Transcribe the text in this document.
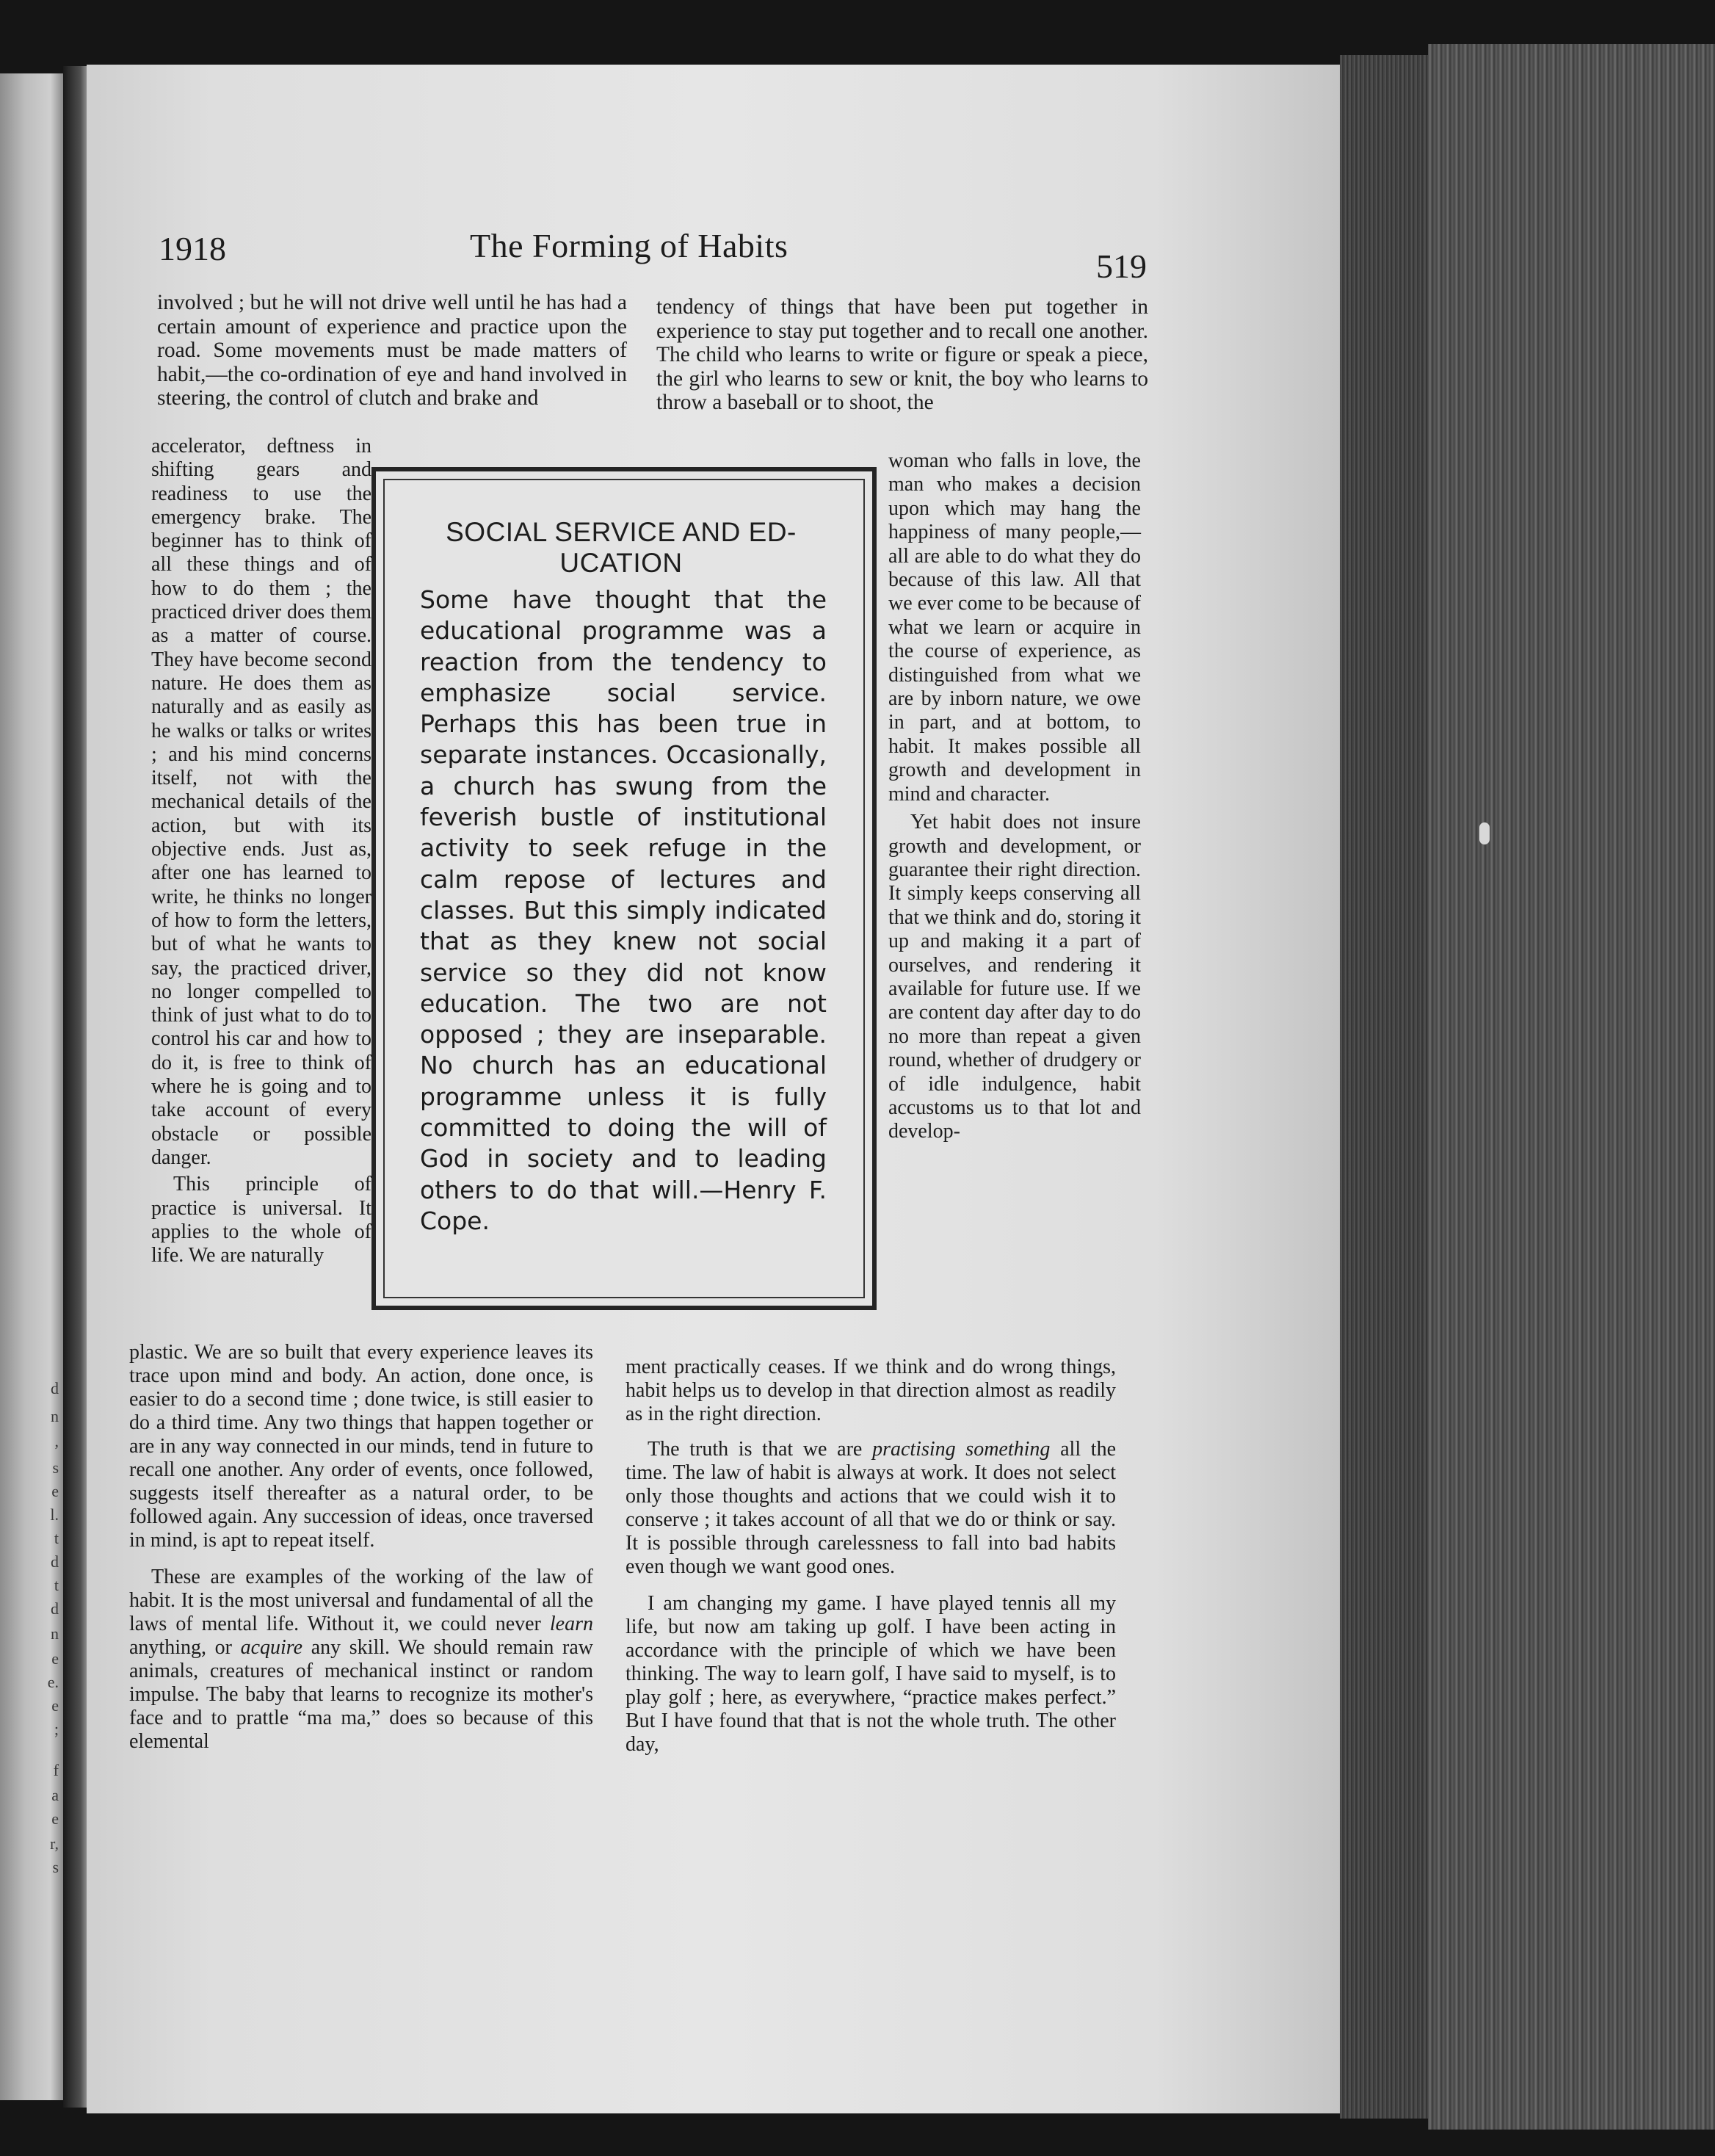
d
n
,
s
e
l.
t
d
t
d
n
e
e.
e
;
f
a
e
r,
s
1918	The Forming of Habits
519

involved ; but he will not drive well until he has had a certain amount of experience and practice upon the road. Some movements must be made matters of habit,—the co-ordination of eye and hand involved in steering, the control of clutch and brake and

accelerator, deftness in shifting gears and readiness to use the emergency brake. The beginner has to think of all these things and of how to do them ; the practiced driver does them as a matter of course. They have become second nature. He does them as naturally and as easily as he walks or talks or writes ; and his mind concerns itself, not with the mechanical details of the action, but with its objective ends. Just as, after one has learned to write, he thinks no longer of how to form the letters, but of what he wants to say, the practiced driver, no longer compelled to think of just what to do to control his car and how to do it, is free to think of where he is going and to take account of every obstacle or possible danger.

This principle of practice is universal. It applies to the whole of life. We are naturally

plastic. We are so built that every experience leaves its trace upon mind and body. An action, done once, is easier to do a second time ; done twice, is still easier to do a third time. Any two things that happen together or are in any way connected in our minds, tend in future to recall one another. Any order of events, once followed, suggests itself thereafter as a natural order, to be followed again. Any succession of ideas, once traversed in mind, is apt to repeat itself.

These are examples of the working of the law of habit. It is the most universal and fundamental of all the laws of mental life. Without it, we could never learn anything, or acquire any skill. We should remain raw animals, creatures of mechanical instinct or random impulse. The baby that learns to recognize its mother's face and to prattle “ma ma,” does so because of this elemental

tendency of things that have been put together in experience to stay put together and to recall one another. The child who learns to write or figure or speak a piece, the girl who learns to sew or knit, the boy who learns to throw a baseball or to shoot, the

woman who falls in love, the man who makes a decision upon which may hang the happiness of many people,—all are able to do what they do because of this law. All that we ever come to be because of what we learn or acquire in the course of experience, as distinguished from what we are by inborn nature, we owe in part, and at bottom, to habit. It makes possible all growth and development in mind and character.

Yet habit does not insure growth and development, or guarantee their right direction. It simply keeps conserving all that we think and do, storing it up and making it a part of ourselves, and rendering it available for future use. If we are content day after day to do no more than repeat a given round, whether of drudgery or of idle indulgence, habit accustoms us to that lot and develop-

ment practically ceases. If we think and do wrong things, habit helps us to develop in that direction almost as readily as in the right direction.

The truth is that we are practising something all the time. The law of habit is always at work. It does not select only those thoughts and actions that we could wish it to conserve ; it takes account of all that we do or think or say. It is possible through carelessness to fall into bad habits even though we want good ones.

I am changing my game. I have played tennis all my life, but now am taking up golf. I have been acting in accordance with the principle of which we have been thinking. The way to learn golf, I have said to myself, is to play golf ; here, as everywhere, “practice makes perfect.” But I have found that that is not the whole truth. The other day,

SOCIAL SERVICE AND ED-UCATION
Some have thought that the educational programme was a reaction from the tendency to emphasize social service. Perhaps this has been true in separate instances. Occasionally, a church has swung from the feverish bustle of institutional activity to seek refuge in the calm repose of lectures and classes. But this simply indicated that as they knew not social service so they did not know education. The two are not opposed ; they are inseparable. No church has an educational programme unless it is fully committed to doing the will of God in society and to leading others to do that will.—Henry F. Cope.
